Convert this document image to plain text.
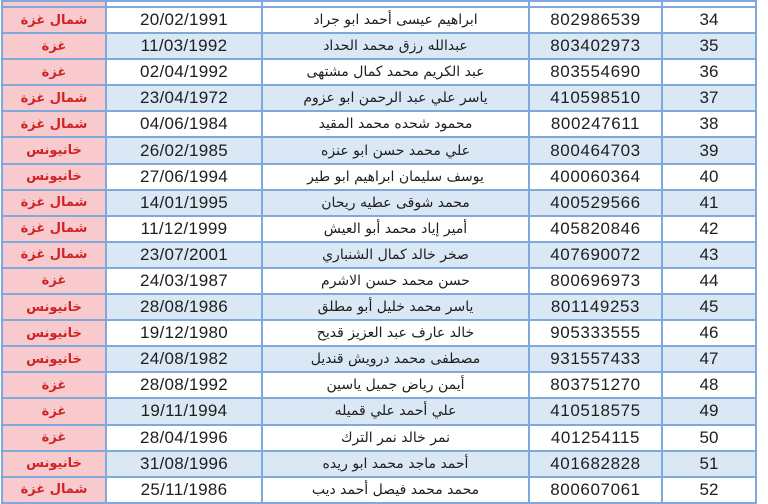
شمال غزة	20/02/1991	ابراهيم عيسى أحمد ابو جراد	802986539	34
غزة	11/03/1992	عبدالله رزق محمد الحداد	803402973	35
غزة	02/04/1992	عبد الكريم محمد كمال مشتهى	803554690	36
شمال غزة	23/04/1972	ياسر علي عبد الرحمن ابو عزوم	410598510	37
شمال غزة	04/06/1984	محمود شحده محمد المقيد	800247611	38
خانيونس	26/02/1985	علي محمد حسن ابو عنزه	800464703	39
خانيونس	27/06/1994	يوسف سليمان ابراهيم ابو طير	400060364	40
شمال غزة	14/01/1995	محمد شوقى عطيه ريحان	400529566	41
شمال غزة	11/12/1999	أمير إياد محمد أبو العيش	405820846	42
شمال غزة	23/07/2001	صخر خالد كمال الشنباري	407690072	43
غزة	24/03/1987	حسن محمد حسن الاشرم	800696973	44
خانيونس	28/08/1986	ياسر محمد خليل أبو مطلق	801149253	45
خانيونس	19/12/1980	خالد عارف عبد العزيز قديح	905333555	46
خانيونس	24/08/1982	مصطفى محمد درويش قنديل	931557433	47
غزة	28/08/1992	أيمن رياض جميل ياسين	803751270	48
غزة	19/11/1994	علي أحمد علي قميله	410518575	49
غزة	28/04/1996	نمر خالد نمر الترك	401254115	50
خانيونس	31/08/1996	أحمد ماجد محمد ابو ريده	401682828	51
شمال غزة	25/11/1986	محمد محمد فيصل أحمد ديب	800607061	52
